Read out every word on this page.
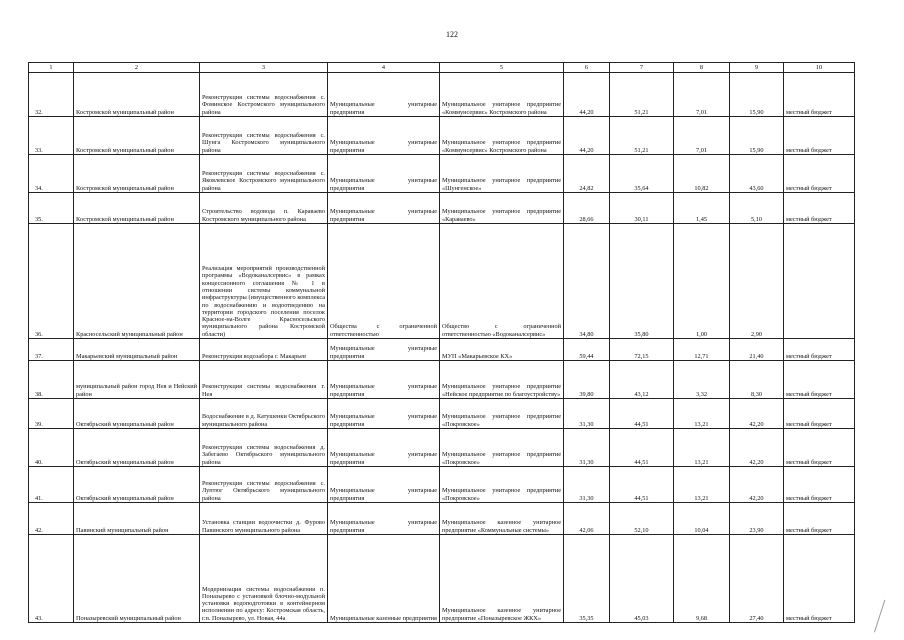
122
1	2	3	4	5	6	7	8	9	10
32.	Костромской муниципальный район	Реконструкция системы водоснабжения с. Фоминское Костромского муниципального района	Муниципальные унитарные предприятия	Муниципальное унитарное предприятие «Коммунсервис» Костромского района	44,20	51,21	7,01	15,90	местный бюджет
33.	Костромской муниципальный район	Реконструкция системы водоснабжения с. Шунга Костромского муниципального района	Муниципальные унитарные предприятия	Муниципальное унитарное предприятие «Коммунсервис» Костромского района	44,20	51,21	7,01	15,90	местный бюджет
34.	Костромской муниципальный район	Реконструкция системы водоснабжения с. Яковлевское Костромского муниципального района	Муниципальные унитарные предприятия	Муниципальное унитарное предприятие «Шунгенское»	24,82	35,64	10,82	43,60	местный бюджет
35.	Костромской муниципальный район	Строительство водовода п. Караваево Костромского муниципального района	Муниципальные унитарные предприятия	Муниципальное унитарное предприятие «Караваево»	28,66	30,11	1,45	5,10	местный бюджет
36.	Красносельский муниципальный район	Реализация мероприятий производственной программы «Водоканалсервис» в рамках концессионного соглашения № 1 в отношении системы коммунальной инфраструктуры (имущественного комплекса по водоснабжению и водоотведению на территории городского поселения поселок Красное-на-Волге Красносельского муниципального района Костромской области)	Общества с ограниченной ответственностью	Общество с ограниченной ответственностью «Водоканалсервис»	34,80	35,80	1,00	2,90	
37.	Макарьевский муниципальный район	Реконструкция водозабора г. Макарьев	Муниципальные унитарные предприятия	МУП «Макарьевское КХ»	59,44	72,15	12,71	21,40	местный бюджет
38.	муниципальный район город Нея и Нейский район	Реконструкция системы водоснабжения г. Нея	Муниципальные унитарные предприятия	Муниципальное унитарное предприятие «Нейское предприятие по благоустройству»	39,80	43,12	3,32	8,30	местный бюджет
39.	Октябрьский муниципальный район	Водоснабжение в д. Катушенки Октябрьского муниципального района	Муниципальные унитарные предприятия	Муниципальное унитарное предприятие «Покровское»	31,30	44,51	13,21	42,20	местный бюджет
40.	Октябрьский муниципальный район	Реконструкция системы водоснабжения д. Забегаево Октябрьского муниципального района	Муниципальные унитарные предприятия	Муниципальное унитарное предприятие «Покровское»	31,30	44,51	13,21	42,20	местный бюджет
41.	Октябрьский муниципальный район	Реконструкция системы водоснабжения с. Луптюг Октябрьского муниципального района	Муниципальные унитарные предприятия	Муниципальное унитарное предприятие «Покровское»	31,30	44,51	13,21	42,20	местный бюджет
42.	Павинский муниципальный район	Установка станции водоочистки д. Фурово Павинского муниципального района	Муниципальные унитарные предприятия	Муниципальное казенное унитарное предприятие «Коммунальные системы»	42,06	52,10	10,04	23,90	местный бюджет
43.	Поназыревский муниципальный район	Модернизация системы водоснабжения п. Поназырево с установкой блочно-модульной установки водоподготовки в контейнерном исполнении по адресу: Костромская область, г.п. Поназырево, ул. Новая, 44а	Муниципальные казенные предприятия	Муниципальное казенное унитарное предприятие «Поназыревское ЖКХ»	35,35	45,03	9,68	27,40	местный бюджет
